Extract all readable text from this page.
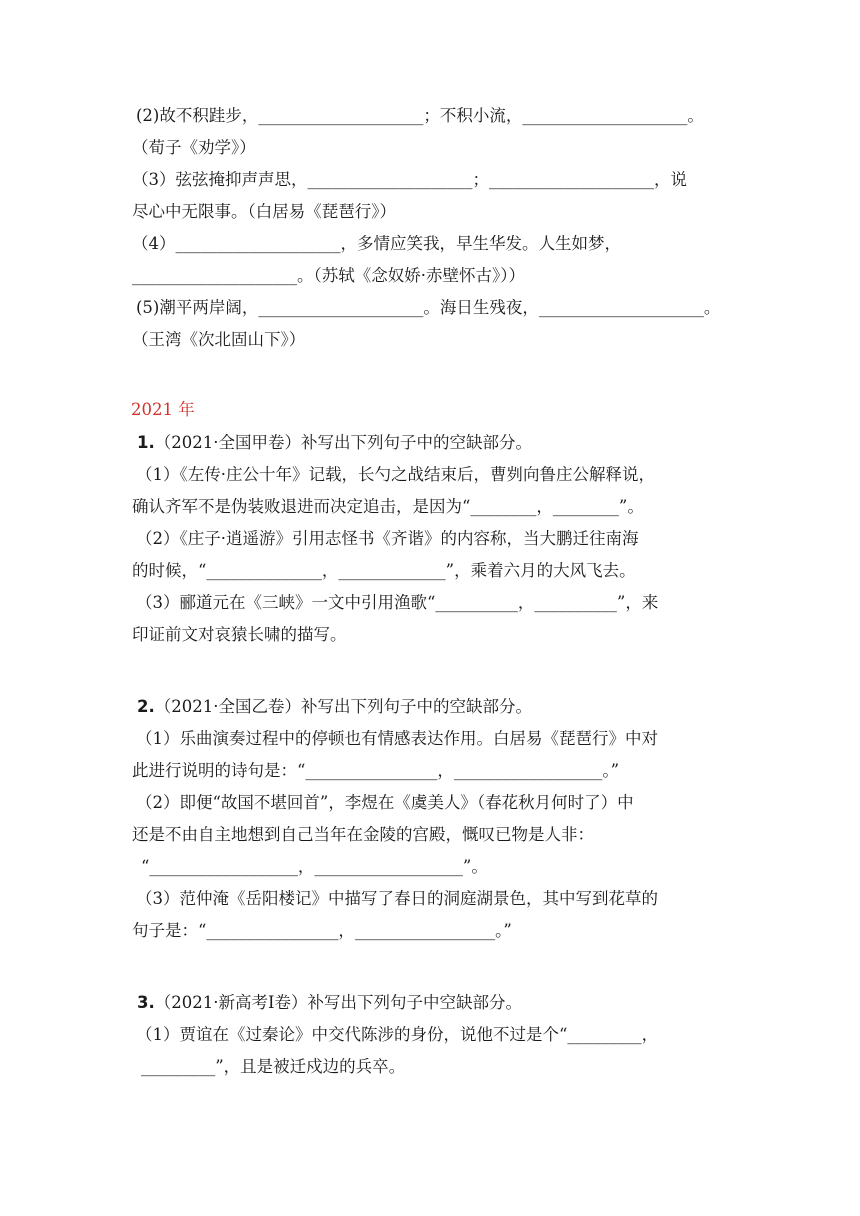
(2)故不积跬步，____________________；不积小流，____________________。
（荀子《劝学》）
（3）弦弦掩抑声声思，____________________；____________________，说
尽心中无限事。（白居易《琵琶行》）
（4）____________________，多情应笑我，早生华发。人生如梦，
____________________。（苏轼《念奴娇·赤壁怀古》））
(5)潮平两岸阔，____________________。海日生残夜，____________________。
（王湾《次北固山下》）
2021 年
1.（2021·全国甲卷）补写出下列句子中的空缺部分。
（1）《左传·庄公十年》记载，长勺之战结束后，曹刿向鲁庄公解释说，
确认齐军不是伪装败退进而决定追击，是因为“________，________”。
（2）《庄子·逍遥游》引用志怪书《齐谐》的内容称，当大鹏迁往南海
的时候，“______________，_____________”，乘着六月的大风飞去。
（3）郦道元在《三峡》一文中引用渔歌“__________，__________”，来
印证前文对哀猿长啸的描写。
2.（2021·全国乙卷）补写出下列句子中的空缺部分。
（1）乐曲演奏过程中的停顿也有情感表达作用。白居易《琵琶行》中对
此进行说明的诗句是：“________________，__________________。”
（2）即便“故国不堪回首”，李煜在《虞美人》（春花秋月何时了）中
还是不由自主地想到自己当年在金陵的宫殿，慨叹已物是人非：
“__________________，__________________”。
（3）范仲淹《岳阳楼记》中描写了春日的洞庭湖景色，其中写到花草的
句子是：“________________，_________________。”
3.（2021·新高考Ⅰ卷）补写出下列句子中空缺部分。
（1）贾谊在《过秦论》中交代陈涉的身份，说他不过是个“_________，
_________”，且是被迁戍边的兵卒。
